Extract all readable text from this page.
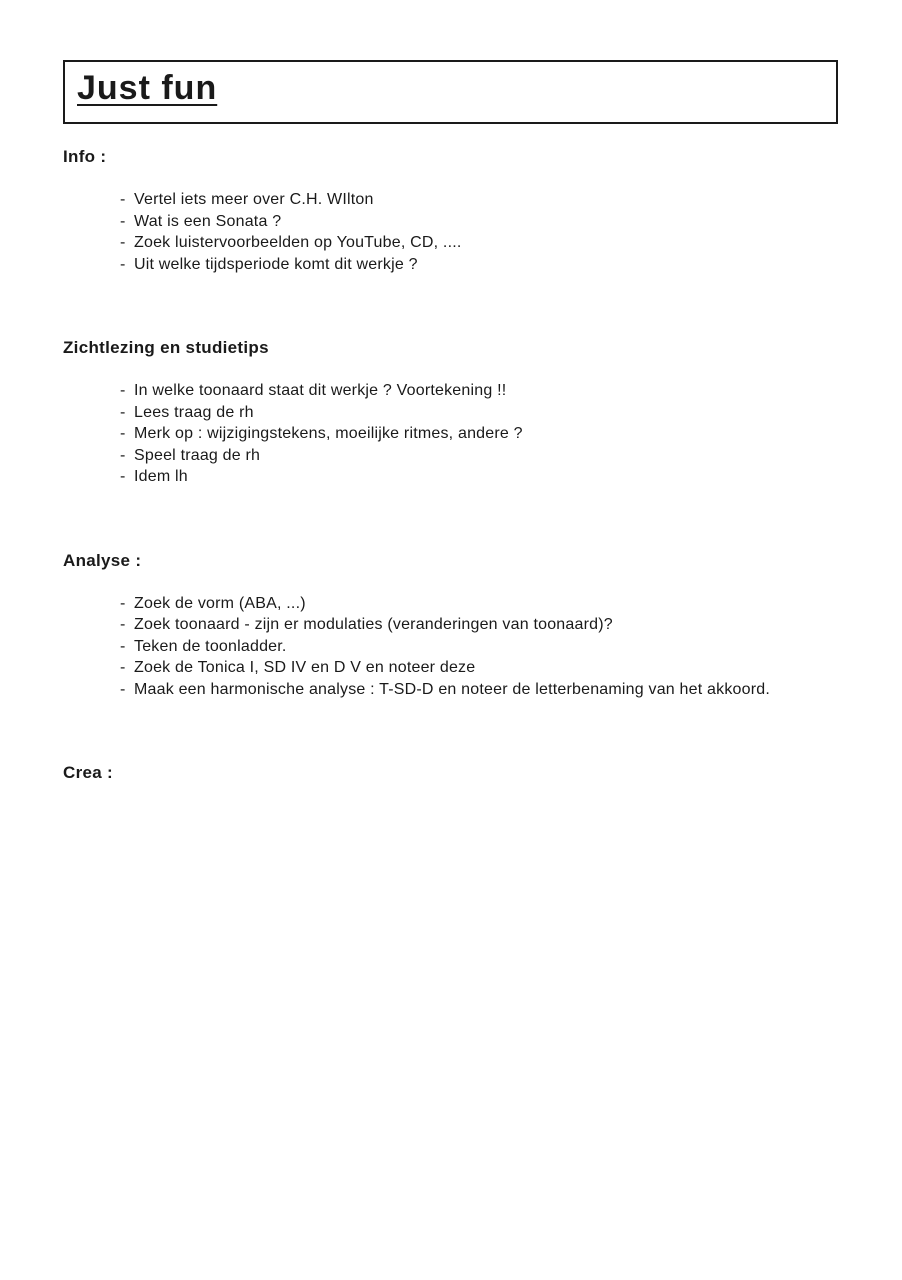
Just fun
Info :
- Vertel iets meer over C.H. WIlton
- Wat is een Sonata ?
- Zoek luistervoorbeelden op YouTube, CD, ....
- Uit welke tijdsperiode komt dit werkje ?
Zichtlezing en studietips
- In welke toonaard staat dit werkje ? Voortekening !!
- Lees traag de rh
- Merk op : wijzigingstekens, moeilijke ritmes, andere ?
- Speel traag de rh
- Idem lh
Analyse :
- Zoek de vorm (ABA, ...)
- Zoek toonaard - zijn er modulaties (veranderingen van toonaard)?
- Teken de toonladder.
- Zoek de Tonica I, SD IV en D V en noteer deze
- Maak een harmonische analyse : T-SD-D en noteer de letterbenaming van het akkoord.
Crea :
